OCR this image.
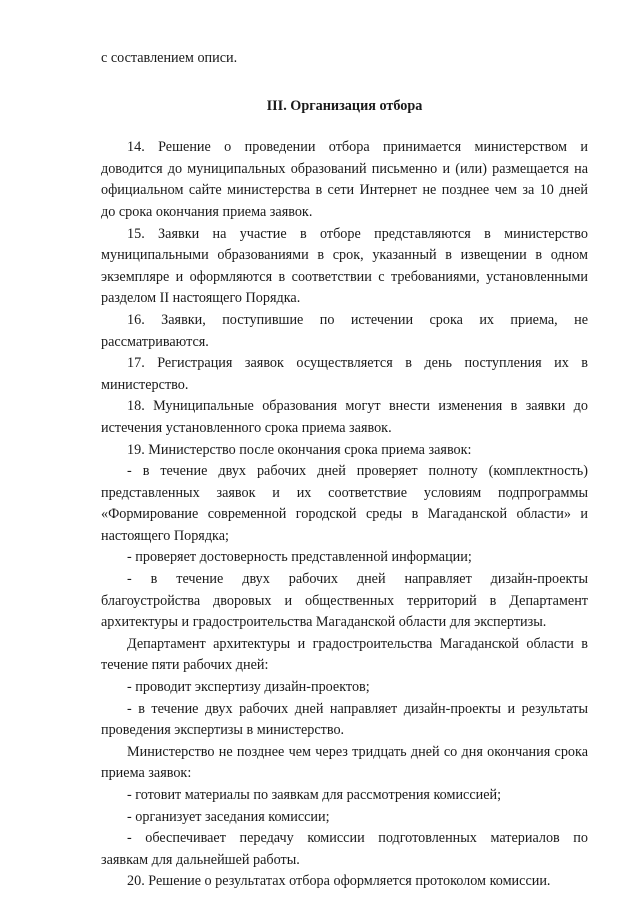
с составлением описи.
III. Организация отбора
14. Решение о проведении отбора принимается министерством и
доводится до муниципальных образований письменно и (или) размещается на
официальном сайте министерства в сети Интернет не позднее чем за 10 дней
до срока окончания приема заявок.
15. Заявки на участие в отборе представляются в министерство
муниципальными образованиями в срок, указанный в извещении в одном
экземпляре и оформляются в соответствии с требованиями, установленными
разделом II настоящего Порядка.
16. Заявки, поступившие по истечении срока их приема, не
рассматриваются.
17. Регистрация заявок осуществляется в день поступления их в
министерство.
18. Муниципальные образования могут внести изменения в заявки до
истечения установленного срока приема заявок.
19. Министерство после окончания срока приема заявок:
- в течение двух рабочих дней проверяет полноту (комплектность)
представленных заявок и их соответствие условиям подпрограммы
«Формирование современной городской среды в Магаданской области» и
настоящего Порядка;
- проверяет достоверность представленной информации;
- в течение двух рабочих дней направляет дизайн-проекты
благоустройства дворовых и общественных территорий в Департамент
архитектуры и градостроительства Магаданской области для экспертизы.
Департамент архитектуры и градостроительства Магаданской области в
течение пяти рабочих дней:
- проводит экспертизу дизайн-проектов;
- в течение двух рабочих дней направляет дизайн-проекты и результаты
проведения экспертизы в министерство.
Министерство не позднее чем через тридцать дней со дня окончания срока
приема заявок:
- готовит материалы по заявкам для рассмотрения комиссией;
- организует заседания комиссии;
- обеспечивает передачу комиссии подготовленных материалов по
заявкам для дальнейшей работы.
20. Решение о результатах отбора оформляется протоколом комиссии.
